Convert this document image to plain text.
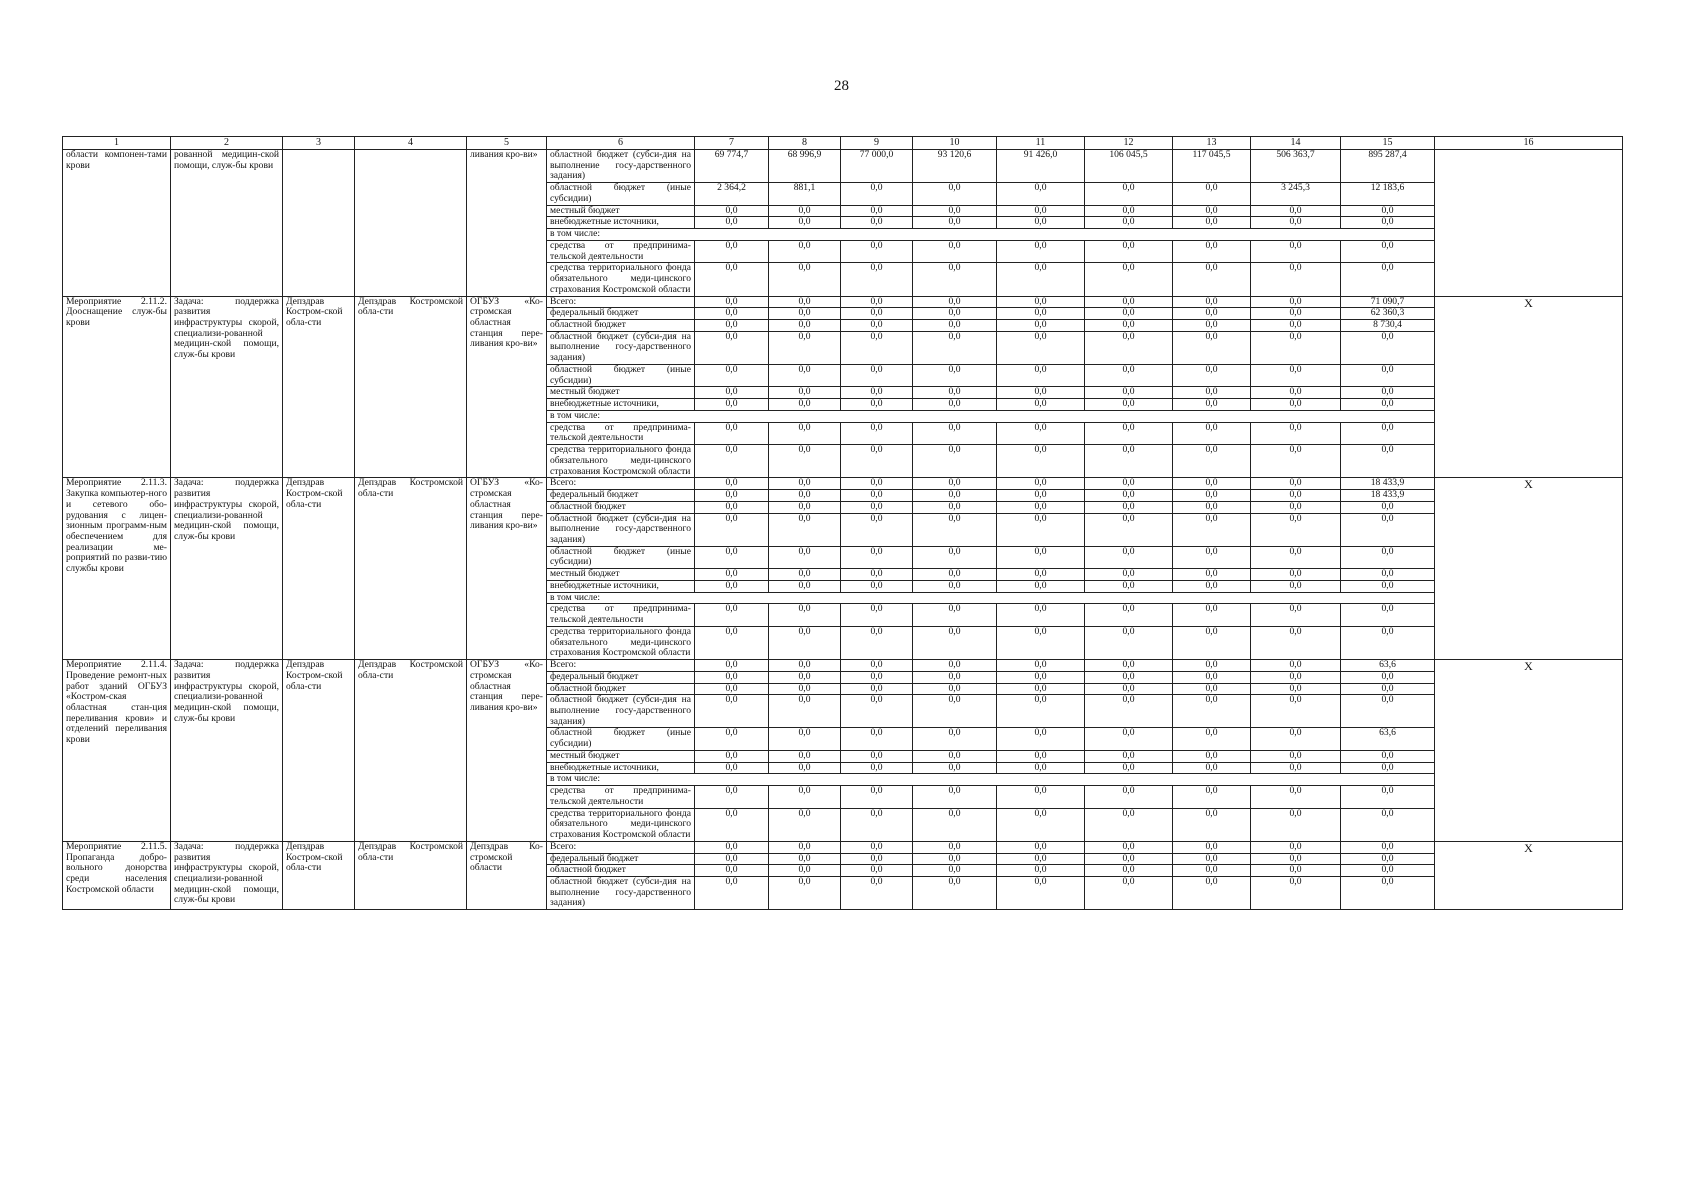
28
1	2	3	4	5	6	7	8	9	10	11	12	13	14	15	16
области компонен-тами крови	рованной медицин-ской помощи, служ-бы крови			ливания кро-ви»	областной бюджет (субси-дия на выполнение госу-дарственного задания)	69 774,7	68 996,9	77 000,0	93 120,6	91 426,0	106 045,5	117 045,5	506 363,7	895 287,4	
					областной бюджет (иные субсидии)	2 364,2	881,1	0,0	0,0	0,0	0,0	0,0	3 245,3	12 183,6	
					местный бюджет	0,0	0,0	0,0	0,0	0,0	0,0	0,0	0,0	0,0	
					внебюджетные источники,	0,0	0,0	0,0	0,0	0,0	0,0	0,0	0,0	0,0	
					в том числе:										
					средства от предпринима-тельской деятельности	0,0	0,0	0,0	0,0	0,0	0,0	0,0	0,0	0,0	
					средства территориального фонда обязательного меди-цинского страхования Костромской области	0,0	0,0	0,0	0,0	0,0	0,0	0,0	0,0	0,0	
Мероприятие 2.11.2. Дооснащение служ-бы крови	Задача: поддержка развития инфраструктуры скорой, специализи-рованной медицин-ской помощи, служ-бы крови	Депздрав Костром-ской обла-сти	Депздрав Костромской обла-сти	ОГБУЗ «Ко-стромская областная станция пере-ливания кро-ви»	Всего:	0,0	0,0	0,0	0,0	0,0	0,0	0,0	0,0	71 090,7	Х
					федеральный бюджет	0,0	0,0	0,0	0,0	0,0	0,0	0,0	0,0	62 360,3	
					областной бюджет	0,0	0,0	0,0	0,0	0,0	0,0	0,0	0,0	8 730,4	
					областной бюджет (субси-дия на выполнение госу-дарственного задания)	0,0	0,0	0,0	0,0	0,0	0,0	0,0	0,0	0,0	
					областной бюджет (иные субсидии)	0,0	0,0	0,0	0,0	0,0	0,0	0,0	0,0	0,0	
					местный бюджет	0,0	0,0	0,0	0,0	0,0	0,0	0,0	0,0	0,0	
					внебюджетные источники,	0,0	0,0	0,0	0,0	0,0	0,0	0,0	0,0	0,0	
					в том числе:										
					средства от предпринима-тельской деятельности	0,0	0,0	0,0	0,0	0,0	0,0	0,0	0,0	0,0	
					средства территориального фонда обязательного меди-цинского страхования Костромской области	0,0	0,0	0,0	0,0	0,0	0,0	0,0	0,0	0,0	
Мероприятие 2.11.3. Закупка компьютер-ного и сетевого обо-рудования с лицен-зионным программ-ным обеспечением для реализации ме-роприятий по разви-тию службы крови	Задача: поддержка развития инфраструктуры скорой, специализи-рованной медицин-ской помощи, служ-бы крови	Депздрав Костром-ской обла-сти	Депздрав Костромской обла-сти	ОГБУЗ «Ко-стромская областная станция пере-ливания кро-ви»	Всего:	0,0	0,0	0,0	0,0	0,0	0,0	0,0	0,0	18 433,9	Х
					федеральный бюджет	0,0	0,0	0,0	0,0	0,0	0,0	0,0	0,0	18 433,9	
					областной бюджет	0,0	0,0	0,0	0,0	0,0	0,0	0,0	0,0	0,0	
					областной бюджет (субси-дия на выполнение госу-дарственного задания)	0,0	0,0	0,0	0,0	0,0	0,0	0,0	0,0	0,0	
					областной бюджет (иные субсидии)	0,0	0,0	0,0	0,0	0,0	0,0	0,0	0,0	0,0	
					местный бюджет	0,0	0,0	0,0	0,0	0,0	0,0	0,0	0,0	0,0	
					внебюджетные источники,	0,0	0,0	0,0	0,0	0,0	0,0	0,0	0,0	0,0	
					в том числе:										
					средства от предпринима-тельской деятельности	0,0	0,0	0,0	0,0	0,0	0,0	0,0	0,0	0,0	
					средства территориального фонда обязательного меди-цинского страхования Костромской области	0,0	0,0	0,0	0,0	0,0	0,0	0,0	0,0	0,0	
Мероприятие 2.11.4. Проведение ремонт-ных работ зданий ОГБУЗ «Костром-ская областная стан-ция переливания крови» и отделений переливания крови	Задача: поддержка развития инфраструктуры скорой, специализи-рованной медицин-ской помощи, служ-бы крови	Депздрав Костром-ской обла-сти	Депздрав Костромской обла-сти	ОГБУЗ «Ко-стромская областная станция пере-ливания кро-ви»	Всего:	0,0	0,0	0,0	0,0	0,0	0,0	0,0	0,0	63,6	Х
					федеральный бюджет	0,0	0,0	0,0	0,0	0,0	0,0	0,0	0,0	0,0	
					областной бюджет	0,0	0,0	0,0	0,0	0,0	0,0	0,0	0,0	0,0	
					областной бюджет (субси-дия на выполнение госу-дарственного задания)	0,0	0,0	0,0	0,0	0,0	0,0	0,0	0,0	0,0	
					областной бюджет (иные субсидии)	0,0	0,0	0,0	0,0	0,0	0,0	0,0	0,0	63,6	
					местный бюджет	0,0	0,0	0,0	0,0	0,0	0,0	0,0	0,0	0,0	
					внебюджетные источники,	0,0	0,0	0,0	0,0	0,0	0,0	0,0	0,0	0,0	
					в том числе:										
					средства от предпринима-тельской деятельности	0,0	0,0	0,0	0,0	0,0	0,0	0,0	0,0	0,0	
					средства территориального фонда обязательного меди-цинского страхования Костромской области	0,0	0,0	0,0	0,0	0,0	0,0	0,0	0,0	0,0	
Мероприятие 2.11.5. Пропаганда добро-вольного донорства среди населения Костромской области	Задача: поддержка развития инфраструктуры скорой, специализи-рованной медицин-ской помощи, служ-бы крови	Депздрав Костром-ской обла-сти	Депздрав Костромской обла-сти	Депздрав Ко-стромской области	Всего:	0,0	0,0	0,0	0,0	0,0	0,0	0,0	0,0	0,0	Х
					федеральный бюджет	0,0	0,0	0,0	0,0	0,0	0,0	0,0	0,0	0,0	
					областной бюджет	0,0	0,0	0,0	0,0	0,0	0,0	0,0	0,0	0,0	
					областной бюджет (субси-дия на выполнение госу-дарственного задания)	0,0	0,0	0,0	0,0	0,0	0,0	0,0	0,0	0,0	
